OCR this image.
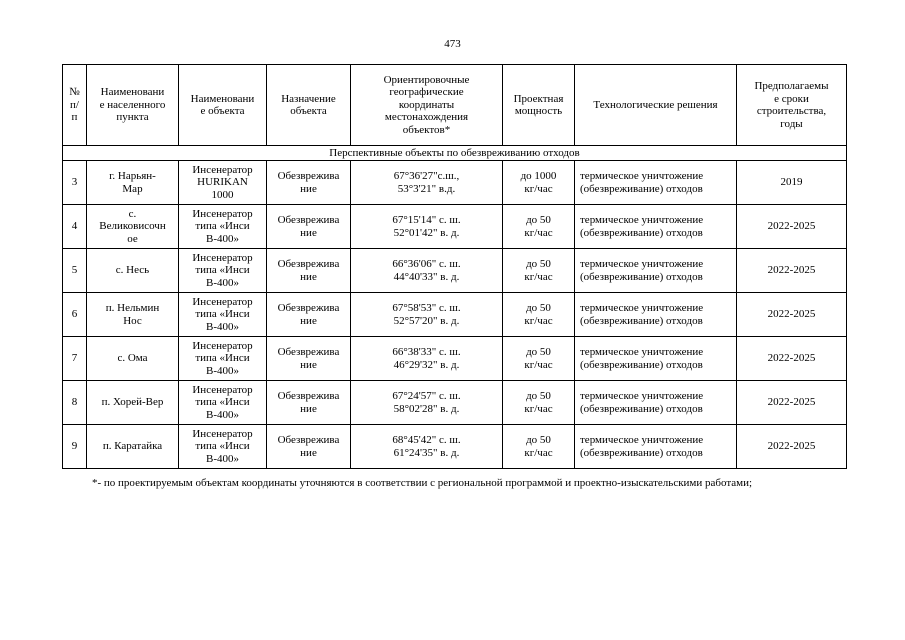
473
№
п/
п	Наименовани
е населенного
пункта	Наименовани
е объекта	Назначение
объекта	Ориентировочные
географические
координаты
местонахождения
объектов*	Проектная
мощность	Технологические решения	Предполагаемы
е сроки
строительства,
годы
Перспективные объекты по обезвреживанию отходов							
3	г. Нарьян-
Мар	Инсенератор
HURIKAN
1000	Обезврежива
ние	67°36'27"с.ш.,
53°3'21" в.д.	до 1000
кг/час	термическое уничтожение
(обезвреживание) отходов	2019
4	с.
Великовисочн
ое	Инсенератор
типа «Инси
В-400»	Обезврежива
ние	67°15'14" с. ш.
52°01'42" в. д.	до 50
кг/час	термическое уничтожение
(обезвреживание) отходов	2022-2025
5	с. Несь	Инсенератор
типа «Инси
В-400»	Обезврежива
ние	66°36'06" с. ш.
44°40'33" в. д.	до 50
кг/час	термическое уничтожение
(обезвреживание) отходов	2022-2025
6	п. Нельмин
Нос	Инсенератор
типа «Инси
В-400»	Обезврежива
ние	67°58'53" с. ш.
52°57'20" в. д.	до 50
кг/час	термическое уничтожение
(обезвреживание) отходов	2022-2025
7	с. Ома	Инсенератор
типа «Инси
В-400»	Обезврежива
ние	66°38'33" с. ш.
46°29'32" в. д.	до 50
кг/час	термическое уничтожение
(обезвреживание) отходов	2022-2025
8	п. Хорей-Вер	Инсенератор
типа «Инси
В-400»	Обезврежива
ние	67°24'57" с. ш.
58°02'28" в. д.	до 50
кг/час	термическое уничтожение
(обезвреживание) отходов	2022-2025
9	п. Каратайка	Инсенератор
типа «Инси
В-400»	Обезврежива
ние	68°45'42" с. ш.
61°24'35" в. д.	до 50
кг/час	термическое уничтожение
(обезвреживание) отходов	2022-2025
*- по проектируемым объектам координаты уточняются в соответствии с региональной программой и проектно-изыскательскими работами;
